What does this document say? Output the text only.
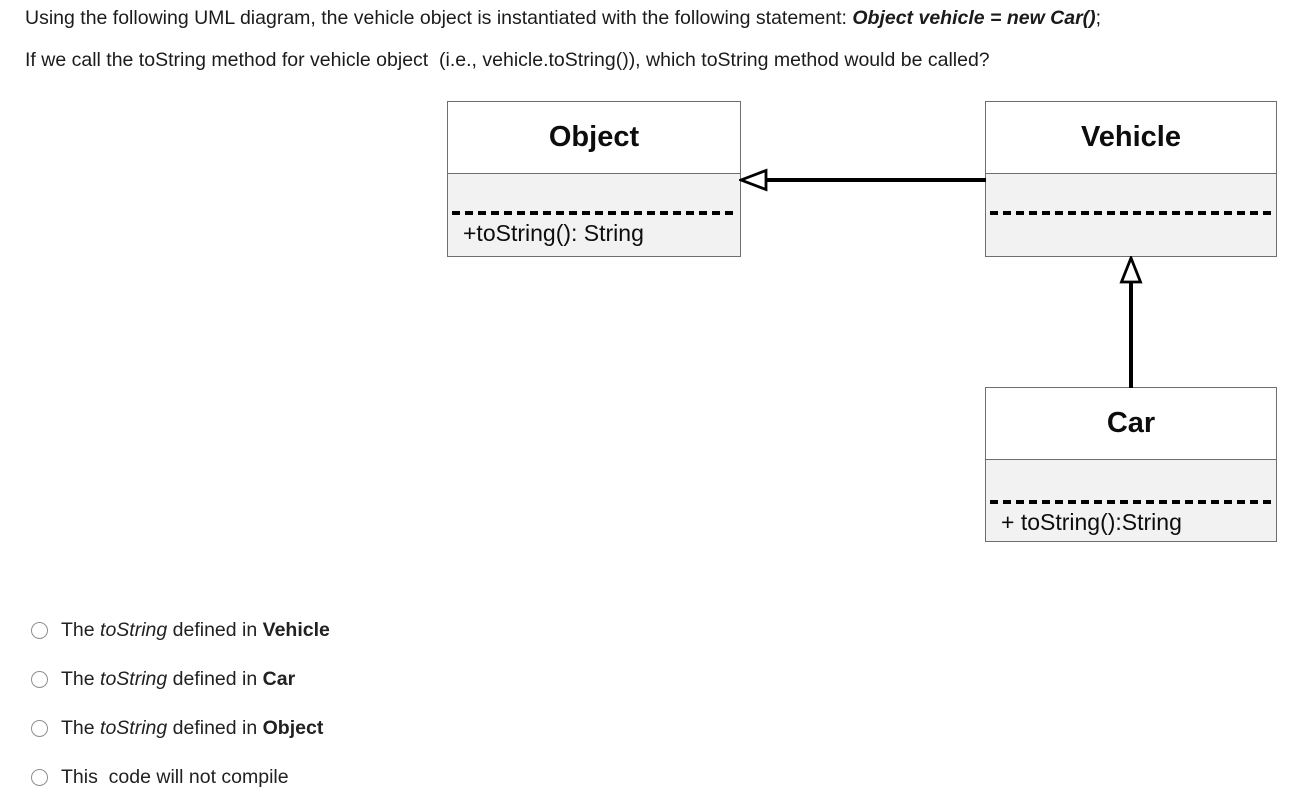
Using the following UML diagram, the vehicle object is instantiated with the following statement: Object vehicle = new Car();

If we call the toString method for vehicle object  (i.e., vehicle.toString()), which toString method would be called?

Object
+toString(): String
Vehicle
Car
+ toString():String
The toString defined in Vehicle
The toString defined in Car
The toString defined in Object
This  code will not compile
